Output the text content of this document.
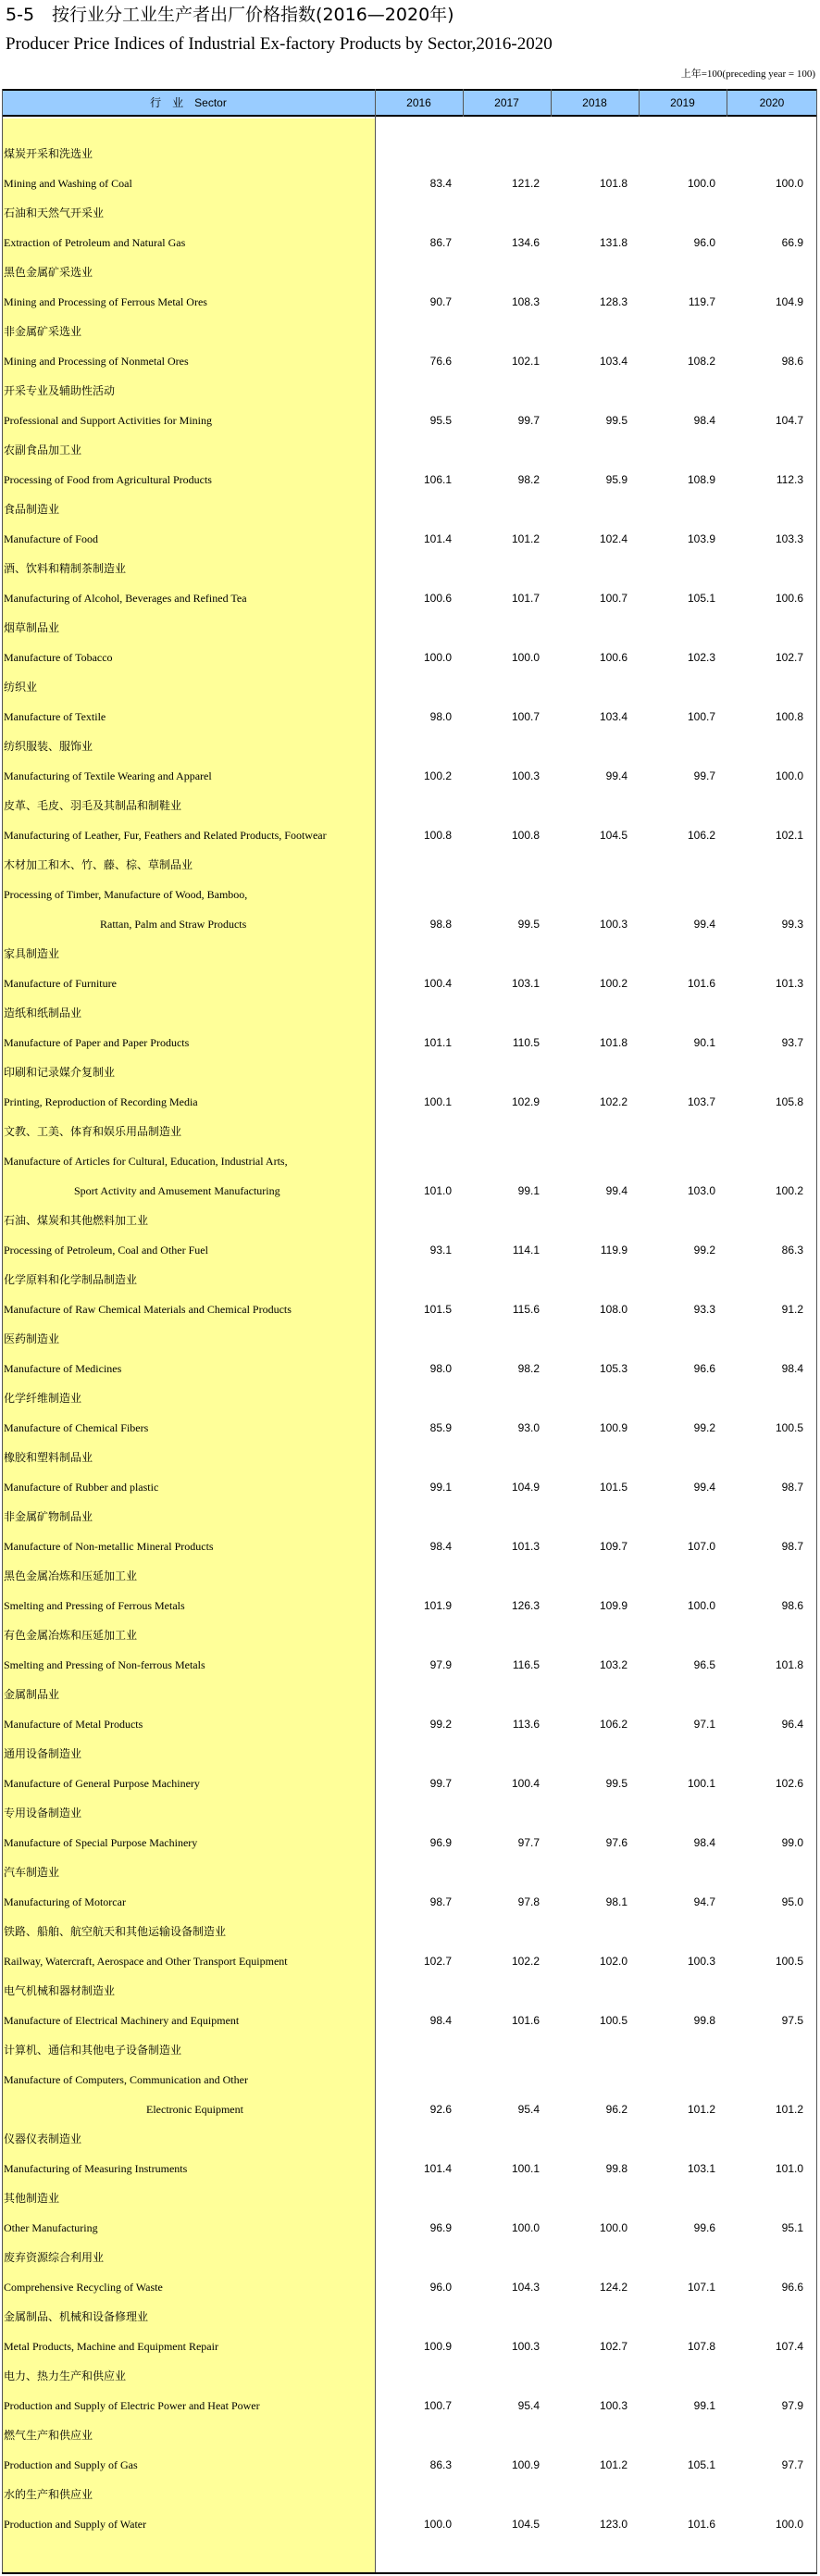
5-5　按行业分工业生产者出厂价格指数(2016—2020年)
Producer Price Indices of Industrial Ex-factory Products by Sector,2016-2020
上年=100(preceding year = 100)
行　业　Sector	2016	2017	2018	2019	2020
煤炭开采和洗选业
Mining and Washing of Coal	83.4	121.2	101.8	100.0	100.0
石油和天然气开采业
Extraction of Petroleum and Natural Gas	86.7	134.6	131.8	96.0	66.9
黑色金属矿采选业
Mining and Processing of Ferrous Metal Ores	90.7	108.3	128.3	119.7	104.9
非金属矿采选业
Mining and Processing of Nonmetal Ores	76.6	102.1	103.4	108.2	98.6
开采专业及辅助性活动
Professional and Support Activities for Mining	95.5	99.7	99.5	98.4	104.7
农副食品加工业
Processing of Food from Agricultural Products	106.1	98.2	95.9	108.9	112.3
食品制造业
Manufacture of Food	101.4	101.2	102.4	103.9	103.3
酒、饮料和精制茶制造业
Manufacturing of Alcohol, Beverages and Refined Tea	100.6	101.7	100.7	105.1	100.6
烟草制品业
Manufacture of Tobacco	100.0	100.0	100.6	102.3	102.7
纺织业
Manufacture of Textile	98.0	100.7	103.4	100.7	100.8
纺织服装、服饰业
Manufacturing of Textile Wearing and Apparel	100.2	100.3	99.4	99.7	100.0
皮革、毛皮、羽毛及其制品和制鞋业
Manufacturing of Leather, Fur, Feathers and Related Products, Footwear	100.8	100.8	104.5	106.2	102.1
木材加工和木、竹、藤、棕、草制品业
Processing of Timber, Manufacture of Wood, Bamboo,
Rattan, Palm and Straw Products	98.8	99.5	100.3	99.4	99.3
家具制造业
Manufacture of Furniture	100.4	103.1	100.2	101.6	101.3
造纸和纸制品业
Manufacture of Paper and Paper Products	101.1	110.5	101.8	90.1	93.7
印刷和记录媒介复制业
Printing, Reproduction of Recording Media	100.1	102.9	102.2	103.7	105.8
文教、工美、体育和娱乐用品制造业
Manufacture of Articles for Cultural, Education, Industrial Arts,
Sport Activity and Amusement Manufacturing	101.0	99.1	99.4	103.0	100.2
石油、煤炭和其他燃料加工业
Processing of Petroleum, Coal and Other Fuel	93.1	114.1	119.9	99.2	86.3
化学原料和化学制品制造业
Manufacture of Raw Chemical Materials and Chemical Products	101.5	115.6	108.0	93.3	91.2
医药制造业
Manufacture of Medicines	98.0	98.2	105.3	96.6	98.4
化学纤维制造业
Manufacture of Chemical Fibers	85.9	93.0	100.9	99.2	100.5
橡胶和塑料制品业
Manufacture of Rubber and plastic	99.1	104.9	101.5	99.4	98.7
非金属矿物制品业
Manufacture of Non-metallic Mineral Products	98.4	101.3	109.7	107.0	98.7
黑色金属冶炼和压延加工业
Smelting and Pressing of Ferrous Metals	101.9	126.3	109.9	100.0	98.6
有色金属冶炼和压延加工业
Smelting and Pressing of Non-ferrous Metals	97.9	116.5	103.2	96.5	101.8
金属制品业
Manufacture of Metal Products	99.2	113.6	106.2	97.1	96.4
通用设备制造业
Manufacture of General Purpose Machinery	99.7	100.4	99.5	100.1	102.6
专用设备制造业
Manufacture of Special Purpose Machinery	96.9	97.7	97.6	98.4	99.0
汽车制造业
Manufacturing of Motorcar	98.7	97.8	98.1	94.7	95.0
铁路、船舶、航空航天和其他运输设备制造业
Railway, Watercraft, Aerospace and Other Transport Equipment	102.7	102.2	102.0	100.3	100.5
电气机械和器材制造业
Manufacture of Electrical Machinery and Equipment	98.4	101.6	100.5	99.8	97.5
计算机、通信和其他电子设备制造业
Manufacture of Computers, Communication and Other
Electronic Equipment	92.6	95.4	96.2	101.2	101.2
仪器仪表制造业
Manufacturing of Measuring Instruments	101.4	100.1	99.8	103.1	101.0
其他制造业
Other Manufacturing	96.9	100.0	100.0	99.6	95.1
废弃资源综合利用业
Comprehensive Recycling of Waste	96.0	104.3	124.2	107.1	96.6
金属制品、机械和设备修理业
Metal Products, Machine and Equipment Repair	100.9	100.3	102.7	107.8	107.4
电力、热力生产和供应业
Production and Supply of Electric Power and Heat Power	100.7	95.4	100.3	99.1	97.9
燃气生产和供应业
Production and Supply of Gas	86.3	100.9	101.2	105.1	97.7
水的生产和供应业
Production and Supply of Water	100.0	104.5	123.0	101.6	100.0
